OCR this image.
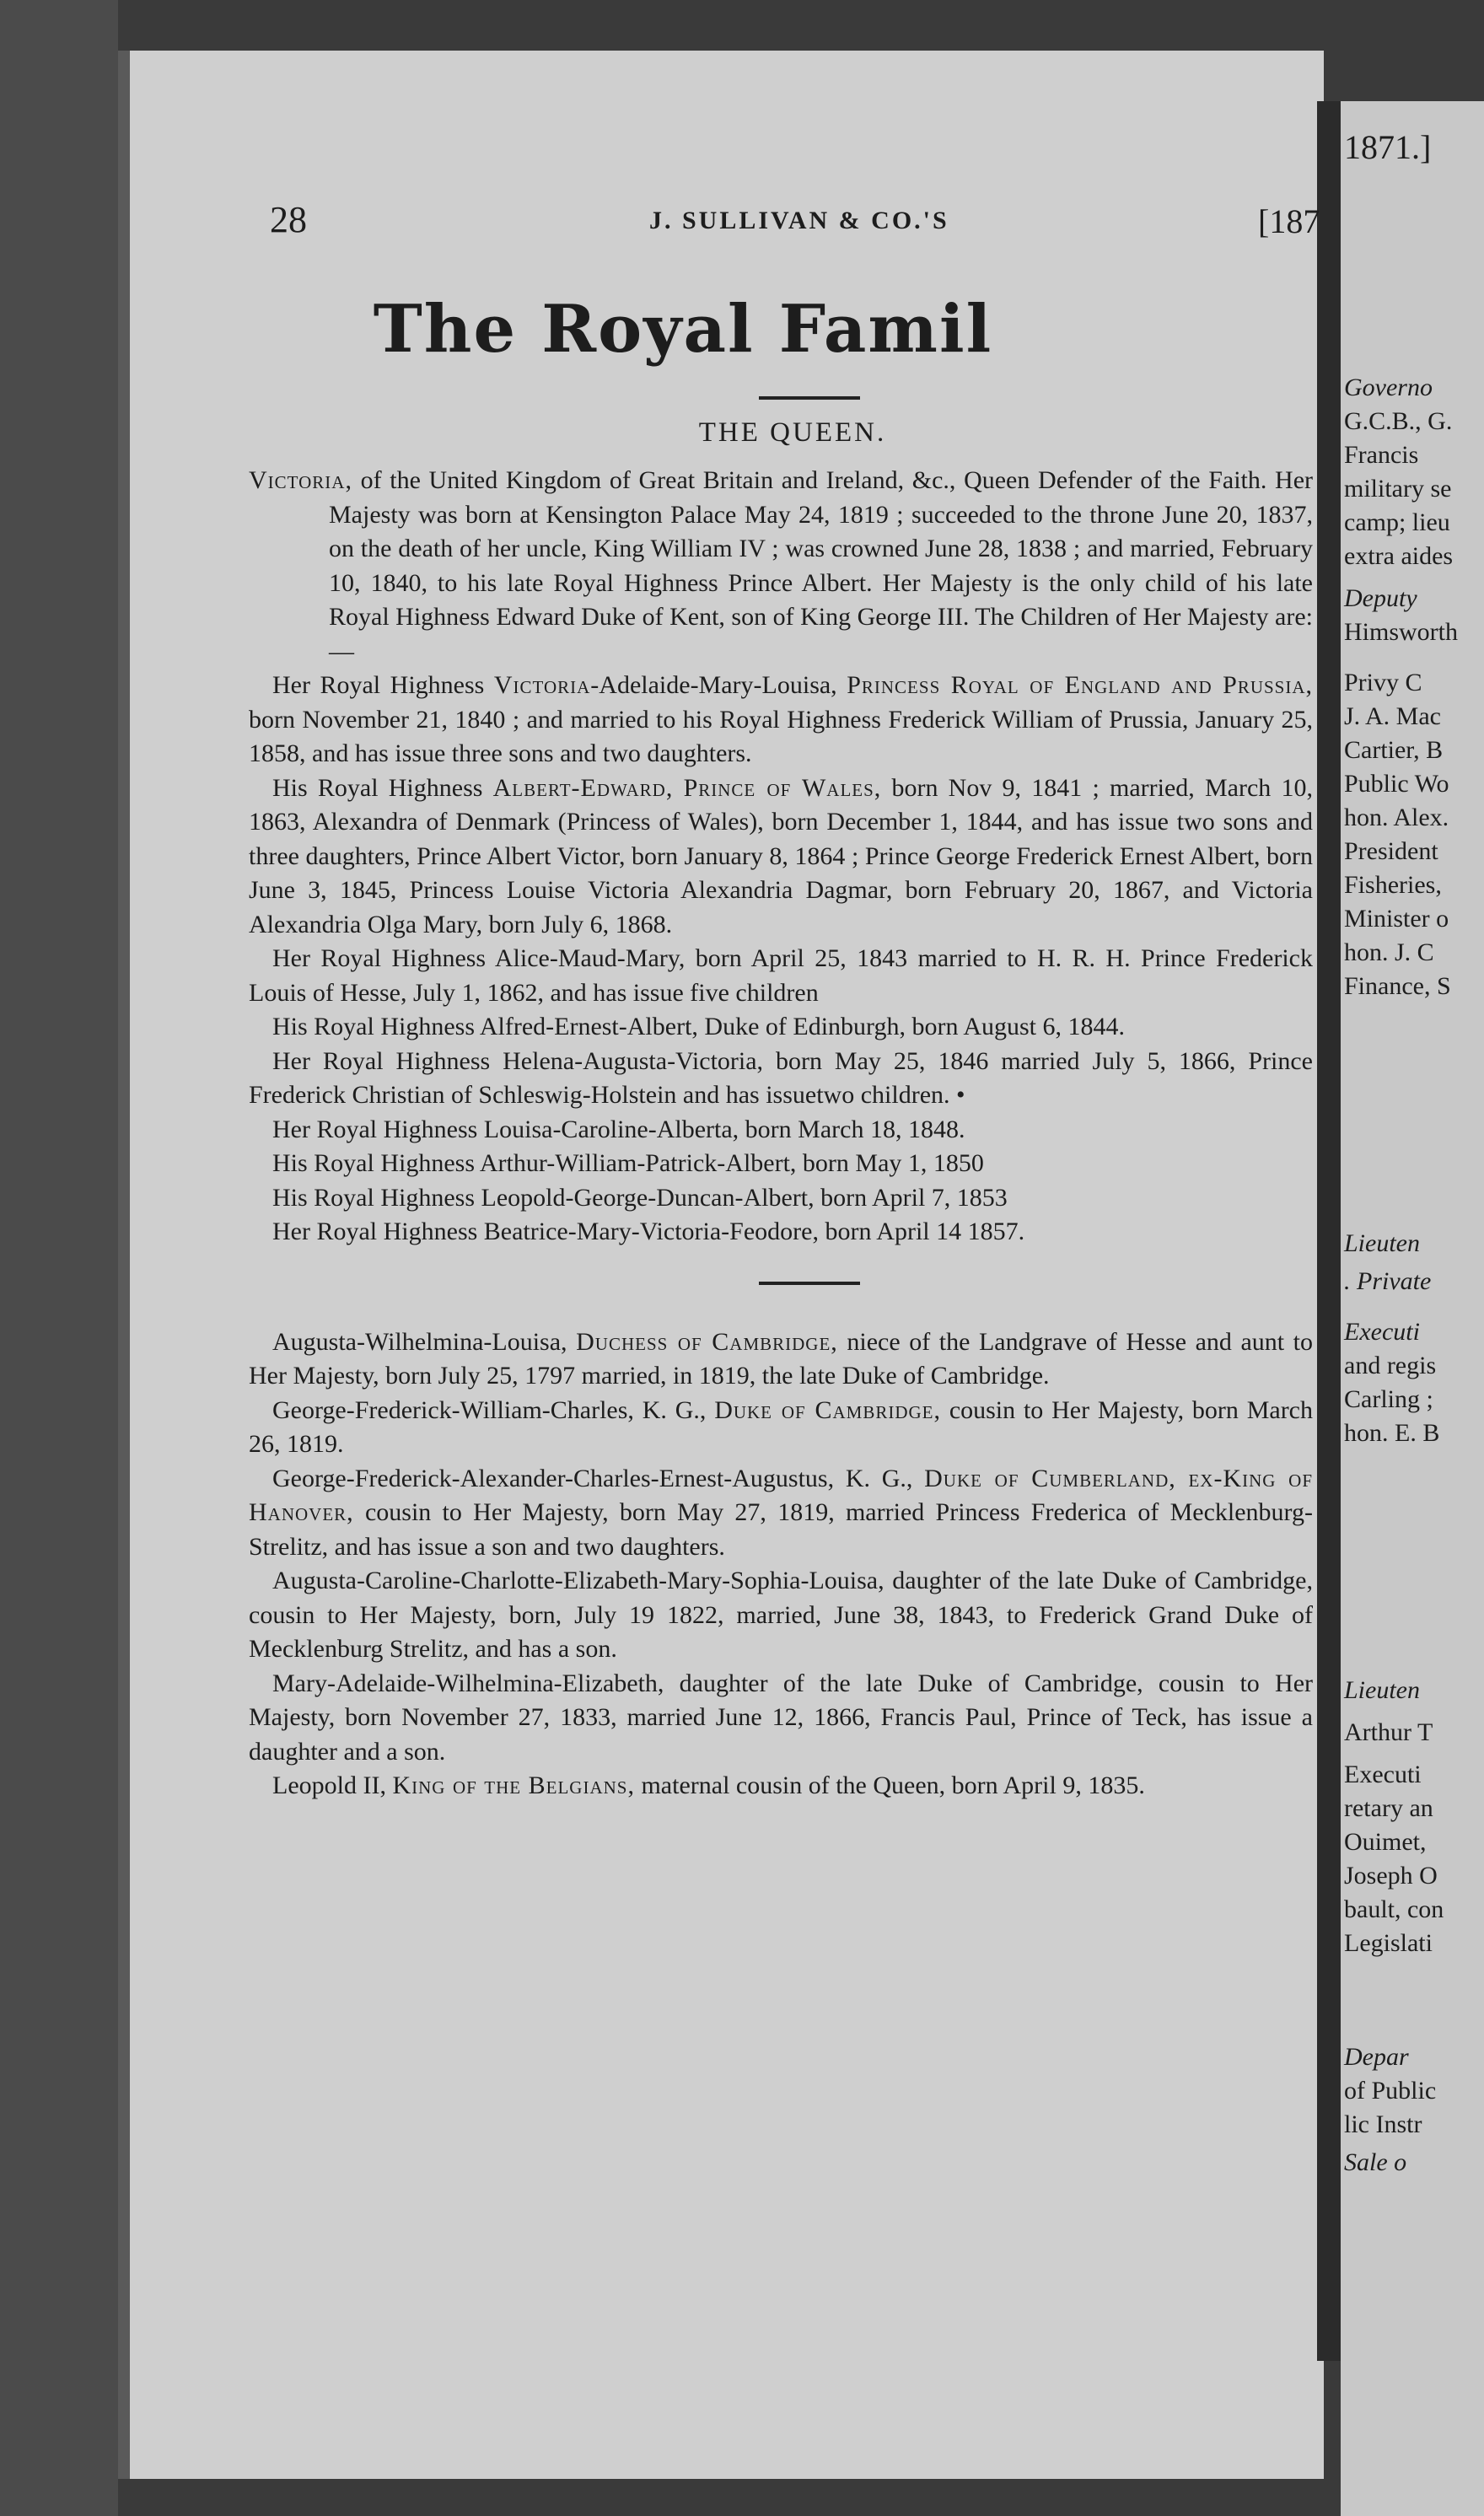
1871.]
Governo
G.C.B., G.
Francis
military se
camp; lieu
extra aides
Deputy
Himsworth
Privy C
J. A. Mac
Cartier, B
Public Wo
hon. Alex.
President
Fisheries,
Minister o
hon. J. C
Finance, S
Lieuten
. Private
Executi
and regis
Carling ;
hon. E. B
Lieuten
Arthur T
Executi
retary an
Ouimet,
Joseph O
bault, con
Legislati
Depar
of Public
lic Instr
Sale o
28	J. SULLIVAN & CO.'S	[187
The Royal Famil
THE QUEEN.

Victoria, of the United Kingdom of Great Britain and Ireland, &c., Queen Defender of the Faith. Her Majesty was born at Kensington Palace May 24, 1819 ; succeeded to the throne June 20, 1837, on the death of her uncle, King William IV ; was crowned June 28, 1838 ; and married, February 10, 1840, to his late Royal Highness Prince Albert. Her Majesty is the only child of his late Royal Highness Edward Duke of Kent, son of King George III. The Children of Her Majesty are:—

Her Royal Highness Victoria-Adelaide-Mary-Louisa, Princess Royal of England and Prussia, born November 21, 1840 ; and married to his Royal Highness Frederick William of Prussia, January 25, 1858, and has issue three sons and two daughters.

His Royal Highness Albert-Edward, Prince of Wales, born Nov 9, 1841 ; married, March 10, 1863, Alexandra of Denmark (Princess of Wales), born December 1, 1844, and has issue two sons and three daughters, Prince Albert Victor, born January 8, 1864 ; Prince George Frederick Ernest Albert, born June 3, 1845, Princess Louise Victoria Alexandria Dagmar, born February 20, 1867, and Victoria Alexandria Olga Mary, born July 6, 1868.

Her Royal Highness Alice-Maud-Mary, born April 25, 1843 married to H. R. H. Prince Frederick Louis of Hesse, July 1, 1862, and has issue five children

His Royal Highness Alfred-Ernest-Albert, Duke of Edinburgh, born August 6, 1844.

Her Royal Highness Helena-Augusta-Victoria, born May 25, 1846 married July 5, 1866, Prince Frederick Christian of Schleswig-Holstein and has issuetwo children. •

Her Royal Highness Louisa-Caroline-Alberta, born March 18, 1848.

His Royal Highness Arthur-William-Patrick-Albert, born May 1, 1850

His Royal Highness Leopold-George-Duncan-Albert, born April 7, 1853

Her Royal Highness Beatrice-Mary-Victoria-Feodore, born April 14 1857.

Augusta-Wilhelmina-Louisa, Duchess of Cambridge, niece of the Landgrave of Hesse and aunt to Her Majesty, born July 25, 1797 married, in 1819, the late Duke of Cambridge.

George-Frederick-William-Charles, K. G., Duke of Cambridge, cousin to Her Majesty, born March 26, 1819.

George-Frederick-Alexander-Charles-Ernest-Augustus, K. G., Duke of Cumberland, ex-King of Hanover, cousin to Her Majesty, born May 27, 1819, married Princess Frederica of Mecklenburg-Strelitz, and has issue a son and two daughters.

Augusta-Caroline-Charlotte-Elizabeth-Mary-Sophia-Louisa, daughter of the late Duke of Cambridge, cousin to Her Majesty, born, July 19 1822, married, June 38, 1843, to Frederick Grand Duke of Mecklenburg Strelitz, and has a son.

Mary-Adelaide-Wilhelmina-Elizabeth, daughter of the late Duke of Cambridge, cousin to Her Majesty, born November 27, 1833, married June 12, 1866, Francis Paul, Prince of Teck, has issue a daughter and a son.

Leopold II, King of the Belgians, maternal cousin of the Queen, born April 9, 1835.
